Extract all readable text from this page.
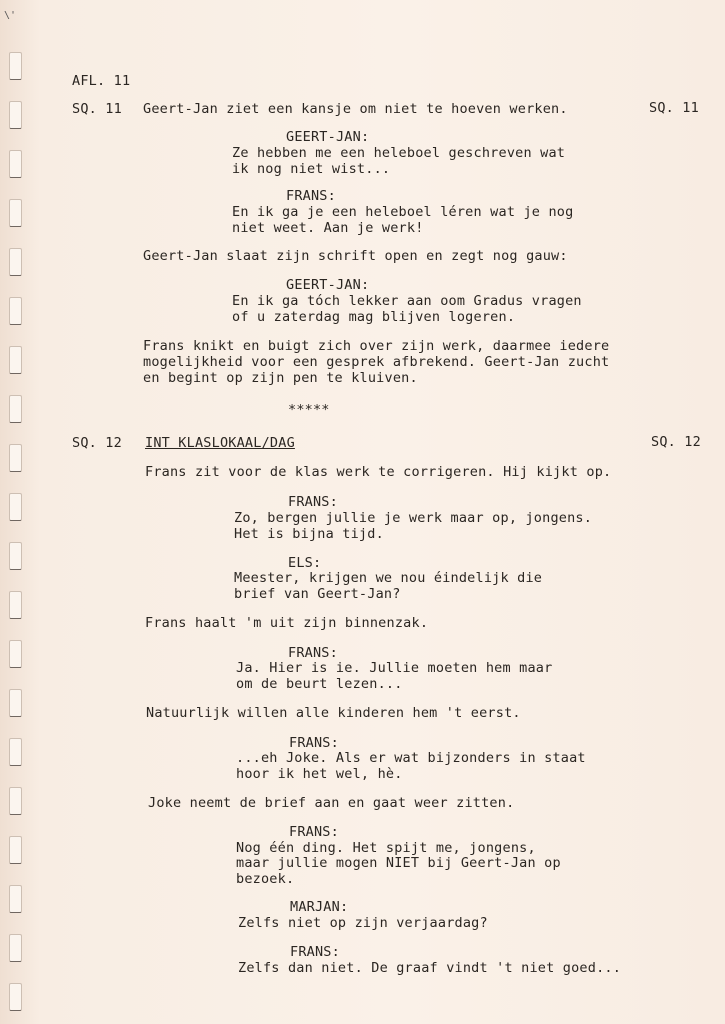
\'
AFL. 11
SQ. 11 Geert-Jan ziet een kansje om niet te hoeven werken.	SQ. 11
GEERT-JAN:
Ze hebben me een heleboel geschreven wat
ik nog niet wist...
FRANS:
En ik ga je een heleboel léren wat je nog
niet weet. Aan je werk!
Geert-Jan slaat zijn schrift open en zegt nog gauw:
GEERT-JAN:
En ik ga tóch lekker aan oom Gradus vragen
of u zaterdag mag blijven logeren.
Frans knikt en buigt zich over zijn werk, daarmee iedere
mogelijkheid voor een gesprek afbrekend. Geert-Jan zucht
en begint op zijn pen te kluiven.
*****
SQ. 12 INT KLASLOKAAL/DAG	SQ. 12
Frans zit voor de klas werk te corrigeren. Hij kijkt op.
FRANS:
Zo, bergen jullie je werk maar op, jongens.
Het is bijna tijd.
ELS:
Meester, krijgen we nou éindelijk die
brief van Geert-Jan?
Frans haalt 'm uit zijn binnenzak.
FRANS:
Ja. Hier is ie. Jullie moeten hem maar
om de beurt lezen...
Natuurlijk willen alle kinderen hem 't eerst.
FRANS:
...eh Joke. Als er wat bijzonders in staat
hoor ik het wel, hè.
Joke neemt de brief aan en gaat weer zitten.
FRANS:
Nog één ding. Het spijt me, jongens,
maar jullie mogen NIET bij Geert-Jan op
bezoek.
MARJAN:
Zelfs niet op zijn verjaardag?
FRANS:
Zelfs dan niet. De graaf vindt 't niet goed...
